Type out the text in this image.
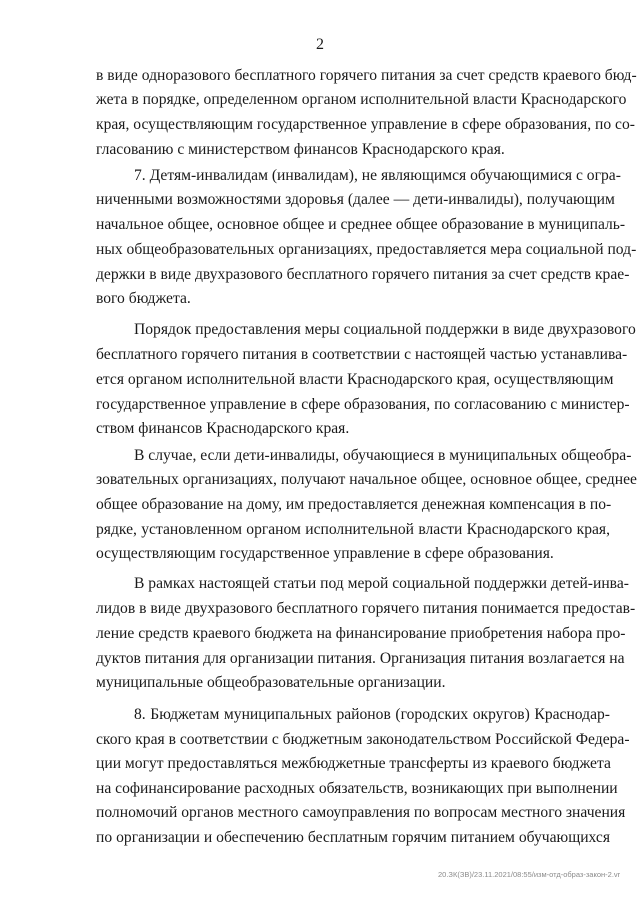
2
в виде одноразового бесплатного горячего питания за счет средств краевого бюд-
жета в порядке, определенном органом исполнительной власти Краснодарского
края, осуществляющим государственное управление в сфере образования, по со-
гласованию с министерством финансов Краснодарского края.
7. Детям-инвалидам (инвалидам), не являющимся обучающимися с огра-
ниченными возможностями здоровья (далее — дети-инвалиды), получающим
начальное общее, основное общее и среднее общее образование в муниципаль-
ных общеобразовательных организациях, предоставляется мера социальной под-
держки в виде двухразового бесплатного горячего питания за счет средств крае-
вого бюджета.
Порядок предоставления меры социальной поддержки в виде двухразового
бесплатного горячего питания в соответствии с настоящей частью устанавлива-
ется органом исполнительной власти Краснодарского края, осуществляющим
государственное управление в сфере образования, по согласованию с министер-
ством финансов Краснодарского края.
В случае, если дети-инвалиды, обучающиеся в муниципальных общеобра-
зовательных организациях, получают начальное общее, основное общее, среднее
общее образование на дому, им предоставляется денежная компенсация в по-
рядке, установленном органом исполнительной власти Краснодарского края,
осуществляющим государственное управление в сфере образования.
В рамках настоящей статьи под мерой социальной поддержки детей-инва-
лидов в виде двухразового бесплатного горячего питания понимается предостав-
ление средств краевого бюджета на финансирование приобретения набора про-
дуктов питания для организации питания. Организация питания возлагается на
муниципальные общеобразовательные организации.
8. Бюджетам муниципальных районов (городских округов) Краснодар-
ского края в соответствии с бюджетным законодательством Российской Федера-
ции могут предоставляться межбюджетные трансферты из краевого бюджета
на софинансирование расходных обязательств, возникающих при выполнении
полномочий органов местного самоуправления по вопросам местного значения
по организации и обеспечению бесплатным горячим питанием обучающихся
20.ЗК(ЗВ)/23.11.2021/08:55/изм-отд-образ-закон-2.vr
